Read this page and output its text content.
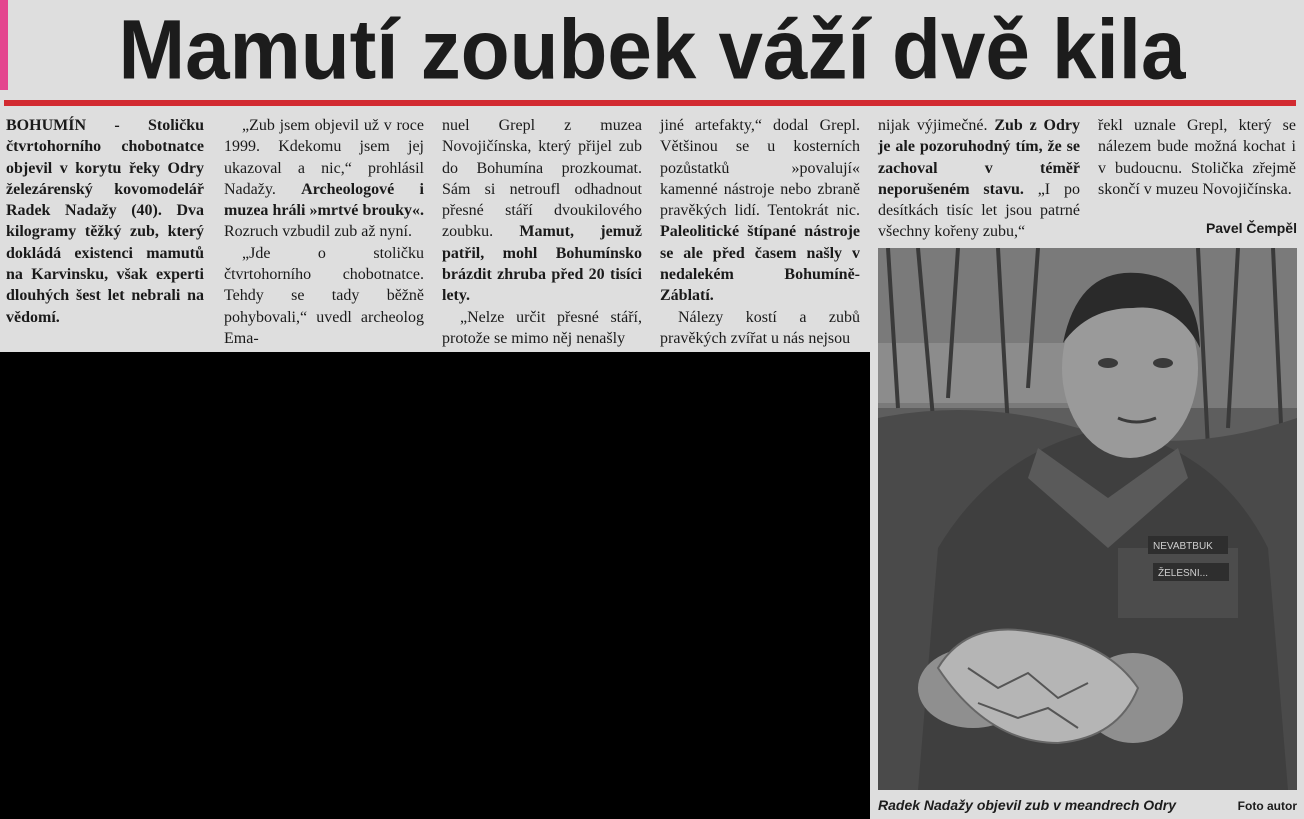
Mamutí zoubek váží dvě kila

BOHUMÍN - Stoličku čtvrtohorního chobotnatce objevil v korytu řeky Odry železárenský kovomodelář Radek Nadažy (40). Dva kilogramy těžký zub, který dokládá existenci mamutů na Karvinsku, však experti dlouhých šest let nebrali na vědomí.

„Zub jsem objevil už v roce 1999. Kdekomu jsem jej ukazoval a nic,“ prohlásil Nadažy. Archeologové i muzea hráli »mrtvé brouky«. Rozruch vzbudil zub až nyní.

„Jde o stoličku čtvrtohorního chobotnatce. Tehdy se tady běžně pohybovali,“ uvedl archeolog Ema-

nuel Grepl z muzea Novojičínska, který přijel zub do Bohumína prozkoumat. Sám si netroufl odhadnout přesné stáří dvoukilového zoubku. Mamut, jemuž patřil, mohl Bohumínsko brázdit zhruba před 20 tisíci lety.

„Nelze určit přesné stáří, protože se mimo něj nenašly

jiné artefakty,“ dodal Grepl. Většinou se u kosterních pozůstatků »povalují« kamenné nástroje nebo zbraně pravěkých lidí. Tentokrát nic. Paleolitické štípané nástroje se ale před časem našly v nedalekém Bohumíně-Záblatí.

Nálezy kostí a zubů pravěkých zvířat u nás nejsou

nijak výjimečné. Zub z Odry je ale pozoruhodný tím, že se zachoval v téměř neporušeném stavu. „I po desítkách tisíc let jsou patrné všechny kořeny zubu,“

řekl uznale Grepl, který se nálezem bude možná kochat i v budoucnu. Stolička zřejmě skončí v muzeu Novojičínska.

Pavel Čempěl
NEVABTBUK
ŽELESNI...
Radek Nadažy objevil zub v meandrech Odry	Foto autor
